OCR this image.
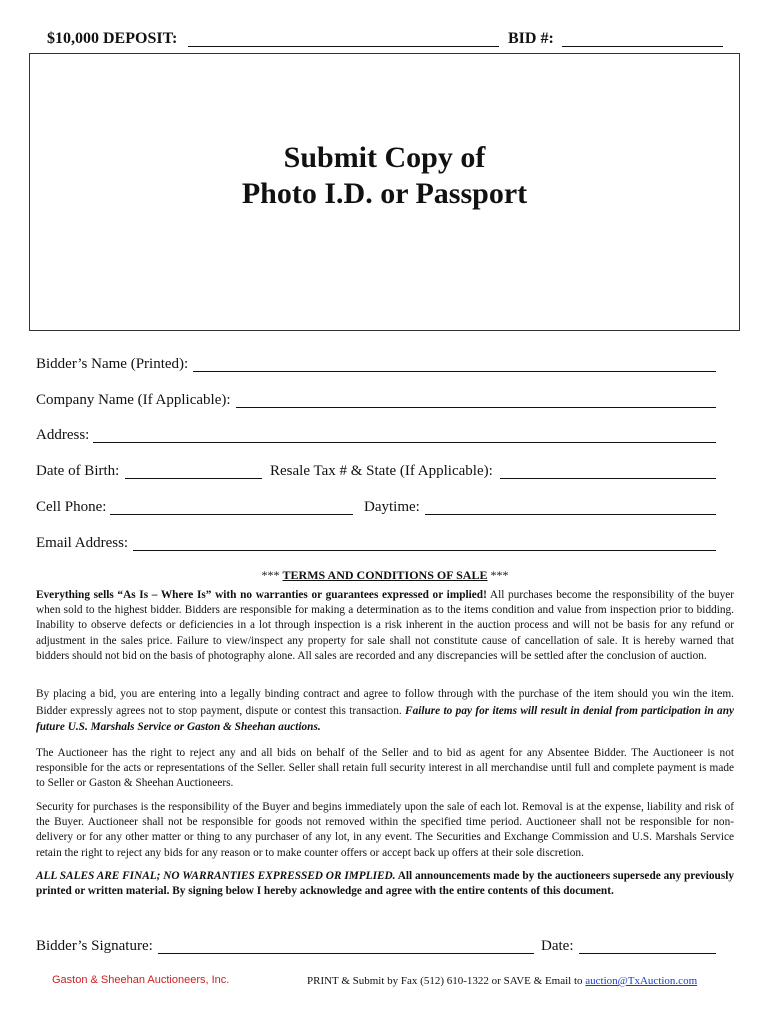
$10,000 DEPOSIT:	BID #:
Submit Copy of
Photo I.D. or Passport
Bidder’s Name (Printed):
Company Name (If Applicable):
Address:
Date of Birth:	Resale Tax # & State (If Applicable):
Cell Phone:	Daytime:
Email Address:
*** TERMS AND CONDITIONS OF SALE ***

Everything sells “As Is – Where Is” with no warranties or guarantees expressed or implied! All purchases become the responsibility of the buyer when sold to the highest bidder. Bidders are responsible for making a determination as to the items condition and value from inspection prior to bidding. Inability to observe defects or deficiencies in a lot through inspection is a risk inherent in the auction process and will not be basis for any refund or adjustment in the sales price. Failure to view/inspect any property for sale shall not constitute cause of cancellation of sale. It is hereby warned that bidders should not bid on the basis of photography alone. All sales are recorded and any discrepancies will be settled after the conclusion of auction.

By placing a bid, you are entering into a legally binding contract and agree to follow through with the purchase of the item should you win the item. Bidder expressly agrees not to stop payment, dispute or contest this transaction. Failure to pay for items will result in denial from participation in any future U.S. Marshals Service or Gaston & Sheehan auctions.

The Auctioneer has the right to reject any and all bids on behalf of the Seller and to bid as agent for any Absentee Bidder. The Auctioneer is not responsible for the acts or representations of the Seller. Seller shall retain full security interest in all merchandise until full and complete payment is made to Seller or Gaston & Sheehan Auctioneers.

Security for purchases is the responsibility of the Buyer and begins immediately upon the sale of each lot. Removal is at the expense, liability and risk of the Buyer. Auctioneer shall not be responsible for goods not removed within the specified time period. Auctioneer shall not be responsible for non-delivery or for any other matter or thing to any purchaser of any lot, in any event. The Securities and Exchange Commission and U.S. Marshals Service retain the right to reject any bids for any reason or to make counter offers or accept back up offers at their sole discretion.

ALL SALES ARE FINAL; NO WARRANTIES EXPRESSED OR IMPLIED. All announcements made by the auctioneers supersede any previously printed or written material. By signing below I hereby acknowledge and agree with the entire contents of this document.

Bidder’s Signature:	Date:
Gaston & Sheehan Auctioneers, Inc.	PRINT & Submit by Fax (512) 610-1322 or SAVE & Email to auction@TxAuction.com
